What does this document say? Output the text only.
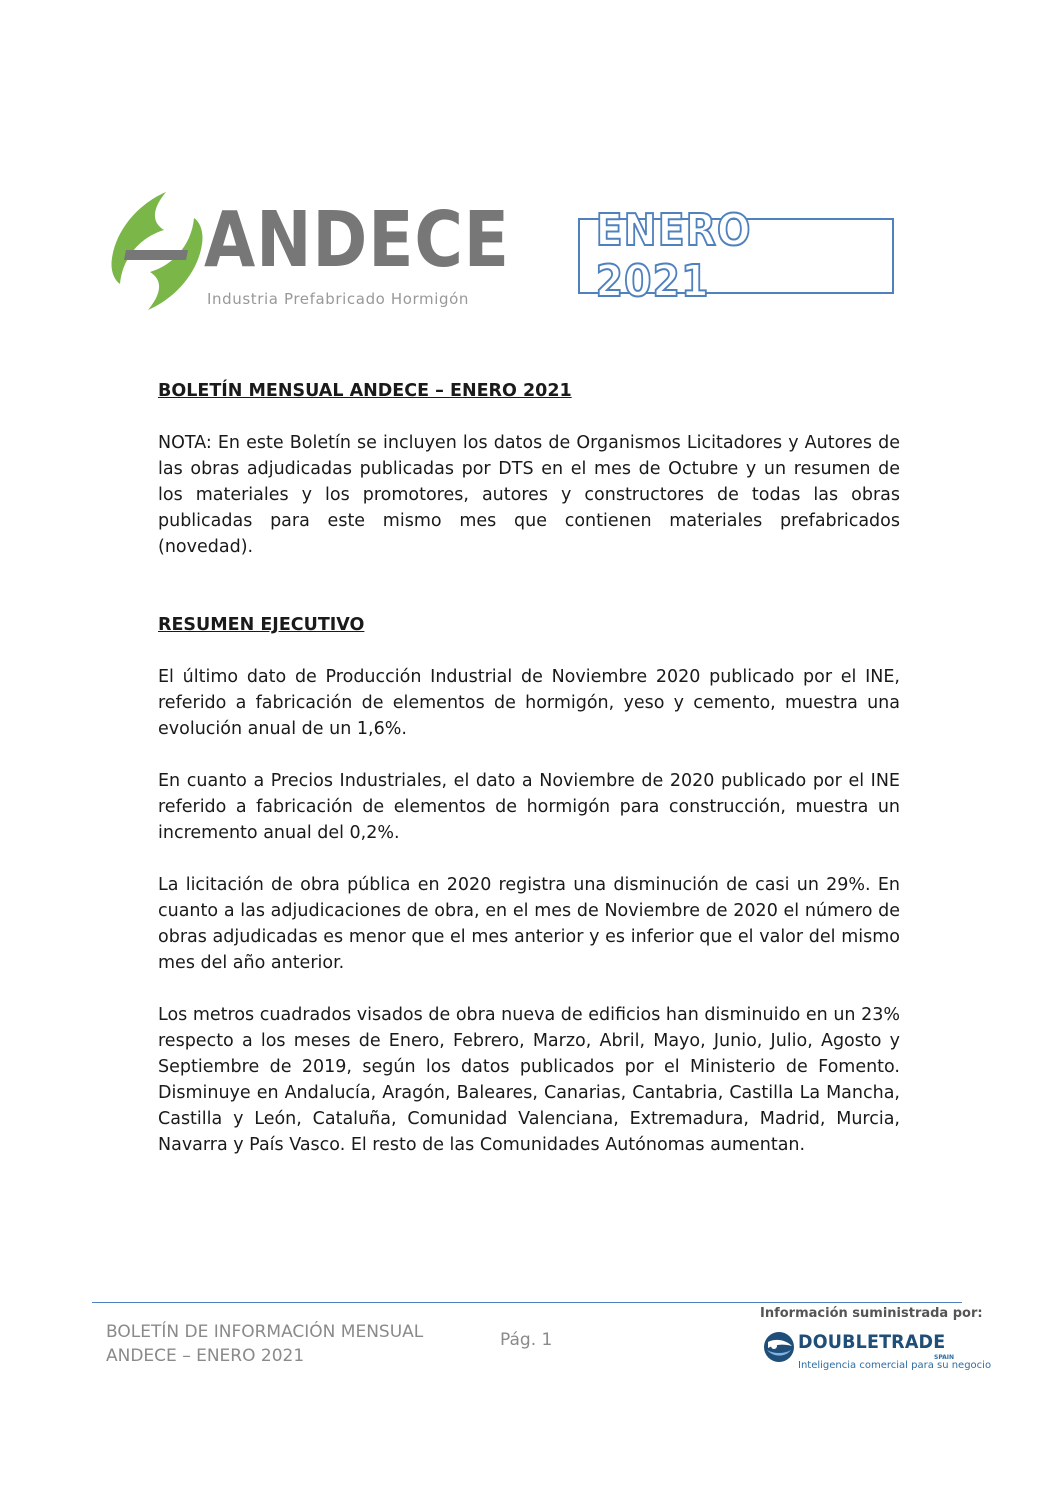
ANDECE
Industria Prefabricado Hormigón
ENERO 2021
BOLETÍN MENSUAL ANDECE – ENERO 2021

NOTA: En este Boletín se incluyen los datos de Organismos Licitadores y Autores de las obras adjudicadas publicadas por DTS en el mes de Octubre y un resumen de los materiales y los promotores, autores y constructores de todas las obras publicadas para este mismo mes que contienen materiales prefabricados (novedad).

RESUMEN EJECUTIVO

El último dato de Producción Industrial de Noviembre 2020 publicado por el INE, referido a fabricación de elementos de hormigón, yeso y cemento, muestra una evolución anual de un 1,6%.

En cuanto a Precios Industriales, el dato a Noviembre de 2020 publicado por el INE referido a fabricación de elementos de hormigón para construcción, muestra un incremento anual del 0,2%.

La licitación de obra pública en 2020 registra una disminución de casi un 29%. En cuanto a las adjudicaciones de obra, en el mes de Noviembre de 2020 el número de obras adjudicadas es menor que el mes anterior y es inferior que el valor del mismo mes del año anterior.

Los metros cuadrados visados de obra nueva de edificios han disminuido en un 23% respecto a los meses de Enero, Febrero, Marzo, Abril, Mayo, Junio, Julio, Agosto y Septiembre de 2019, según los datos publicados por el Ministerio de Fomento. Disminuye en Andalucía, Aragón, Baleares, Canarias, Cantabria, Castilla La Mancha, Castilla y León, Cataluña, Comunidad Valenciana, Extremadura, Madrid, Murcia, Navarra y País Vasco. El resto de las Comunidades Autónomas aumentan.

BOLETÍN DE INFORMACIÓN MENSUAL
ANDECE – ENERO 2021
Pág. 1
Información suministrada por:
DOUBLETRADE
SPAIN
Inteligencia comercial para su negocio
